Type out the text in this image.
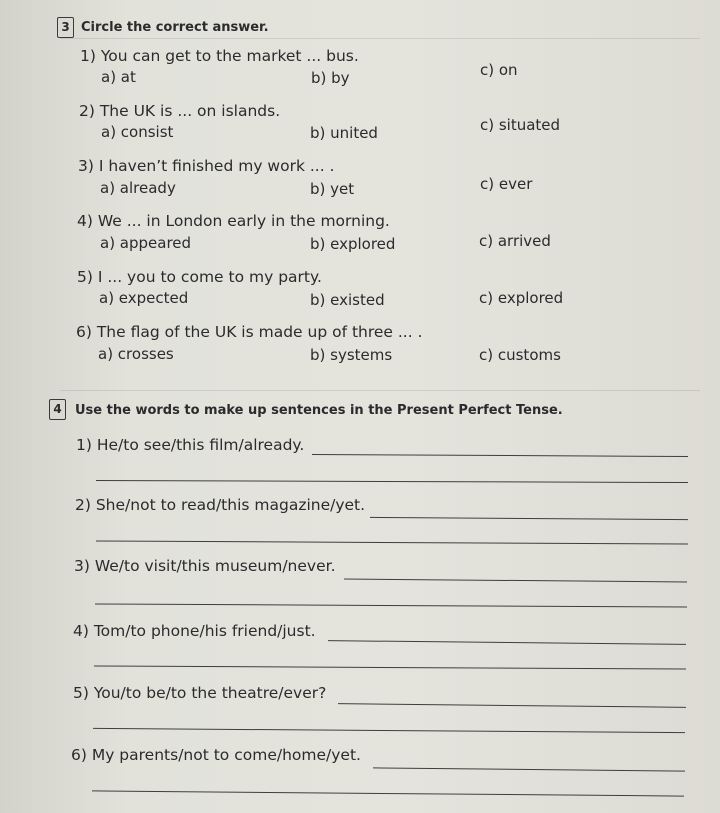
3 Circle the correct answer.
1) You can get to the market ... bus.
a) at	b) by	c) on
2) The UK is ... on islands.
a) consist	b) united	c) situated
3) I haven’t finished my work ... .
a) already	b) yet	c) ever
4) We ... in London early in the morning.
a) appeared	b) explored	c) arrived
5) I ... you to come to my party.
a) expected	b) existed	c) explored
6) The flag of the UK is made up of three ... .
a) crosses	b) systems	c) customs
4	Use the words to make up sentences in the Present Perfect Tense.
1) He/to see/this film/already.
2) She/not to read/this magazine/yet.
3) We/to visit/this museum/never.
4) Tom/to phone/his friend/just.
5) You/to be/to the theatre/ever?
6) My parents/not to come/home/yet.
